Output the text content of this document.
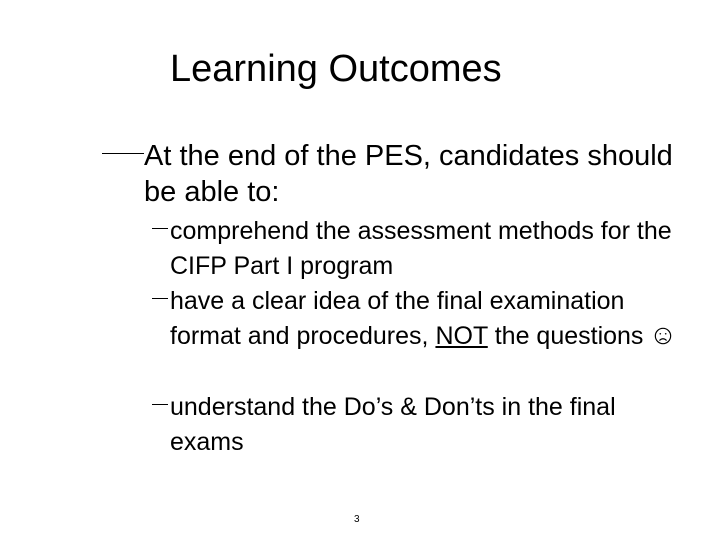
Learning Outcomes
At the end of the PES, candidates should be able to:
comprehend the assessment methods for the CIFP Part I program
have a clear idea of the final examination format and procedures, NOT the questions
understand the Do’s & Don’ts in the final exams
3
